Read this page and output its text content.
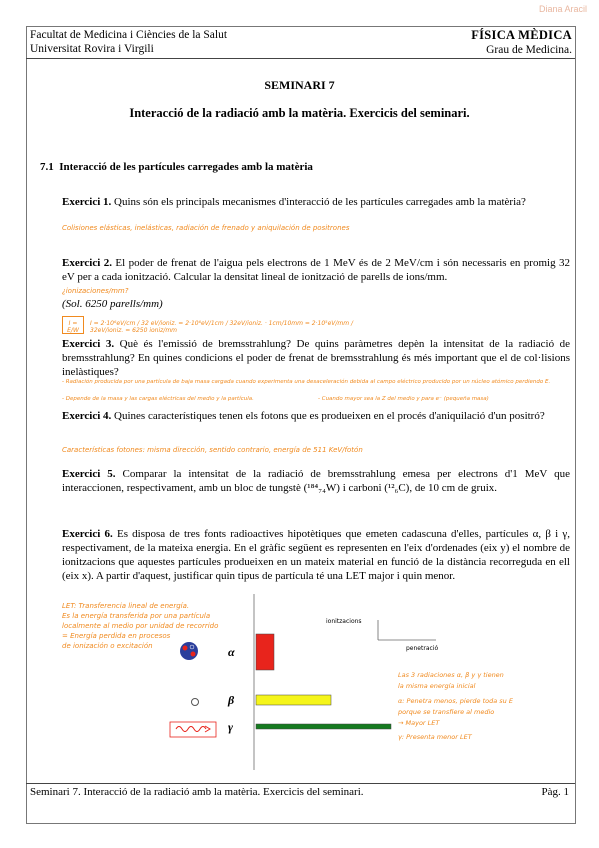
Diana Aracil
Facultat de Medicina i Ciències de la Salut
Universitat Rovira i Virgili
FÍSICA MÈDICA
Grau de Medicina.
SEMINARI 7
Interacció de la radiació amb la matèria. Exercicis del seminari.
7.1 Interacció de les partícules carregades amb la matèria
Exercici 1. Quins són els principals mecanismes d'interacció de les partícules carregades amb la matèria?
Colisiones elásticas, inelásticas, radiación de frenado y aniquilación de positrones
Exercici 2. El poder de frenat de l'aigua pels electrons de 1 MeV és de 2 MeV/cm i són necessaris en promig 32 eV per a cada ionització. Calcular la densitat lineal de ionització de parells de ions/mm.
¿ionizaciones/mm?
(Sol. 6250 parells/mm)
I = E/W
I = 2·10⁶eV/cm / 32 eV/ioniz. = 2·10⁶eV/1cm / 32eV/ioniz. · 1cm/10mm = 2·10⁵eV/mm / 32eV/ioniz. = 6250 ioniz/mm
Exercici 3. Què és l'emissió de bremsstrahlung? De quins paràmetres depèn la intensitat de la radiació de bremsstrahlung? En quines condicions el poder de frenat de bremsstrahlung és més important que el de col·lisions inelàstiques?
- Radiación producida por una partícula de baja masa cargada cuando experimenta una desaceleración debida al campo eléctrico producido por un núcleo atómico perdiendo E.
- Depende de la masa y las cargas eléctricas del medio y la partícula.	- Cuando mayor sea la Z del medio y para e⁻ (pequeña masa)
Exercici 4. Quines característiques tenen els fotons que es produeixen en el procés d'aniquilació d'un positró?
Características fotones: misma dirección, sentido contrario, energía de 511 KeV/fotón
Exercici 5. Comparar la intensitat de la radiació de bremsstrahlung emesa per electrons d'1 MeV que interaccionen, respectivament, amb un bloc de tungstè (¹⁸⁴₇₄W) i carboni (¹²₆C), de 10 cm de gruix.
Exercici 6. Es disposa de tres fonts radioactives hipotètiques que emeten cadascuna d'elles, partícules α, β i γ, respectivament, de la mateixa energia. En el gràfic següent es representen en l'eix d'ordenades (eix y) el nombre de ionitzacions que aquestes partícules produeixen en un mateix material en funció de la distància recorreguda en ell (eix x). A partir d'aquest, justificar quin tipus de partícula té una LET major i quin menor.
LET: Transferencia lineal de energía.
Es la energía transferida por una partícula
localmente al medio por unidad de recorrido
= Energía perdida en procesos
de ionización o excitación
Las 3 radiaciones α, β y γ tienen
la misma energía inicial
α: Penetra menos, pierde toda su E
porque se transfiere al medio
→ Mayor LET
γ: Presenta menor LET
ionitzacions
penetració
α
β
γ
Seminari 7. Interacció de la radiació amb la matèria. Exercicis del seminari.	Pàg. 1
